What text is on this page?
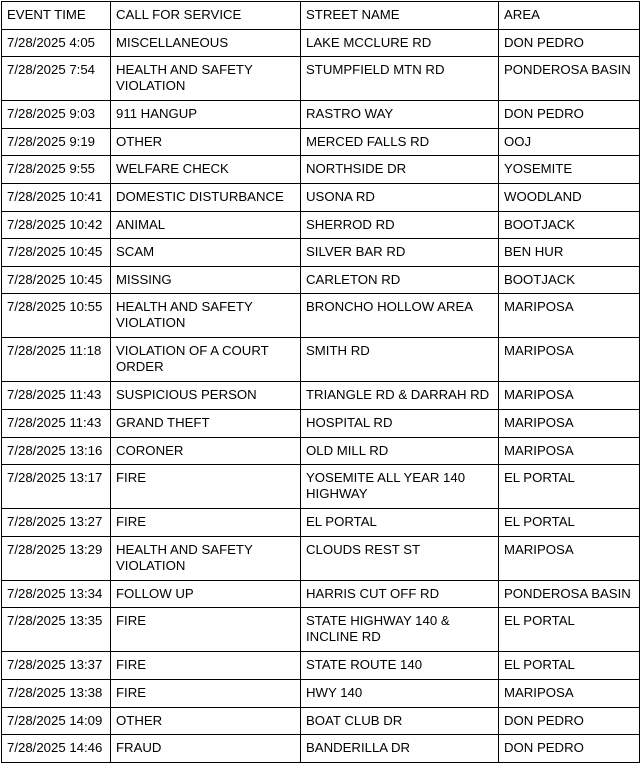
EVENT TIME	CALL FOR SERVICE	STREET NAME	AREA
7/28/2025 4:05	MISCELLANEOUS	LAKE MCCLURE RD	DON PEDRO
7/28/2025 7:54	HEALTH AND SAFETY VIOLATION	STUMPFIELD MTN RD	PONDEROSA BASIN
7/28/2025 9:03	911 HANGUP	RASTRO WAY	DON PEDRO
7/28/2025 9:19	OTHER	MERCED FALLS RD	OOJ
7/28/2025 9:55	WELFARE CHECK	NORTHSIDE DR	YOSEMITE
7/28/2025 10:41	DOMESTIC DISTURBANCE	USONA RD	WOODLAND
7/28/2025 10:42	ANIMAL	SHERROD RD	BOOTJACK
7/28/2025 10:45	SCAM	SILVER BAR RD	BEN HUR
7/28/2025 10:45	MISSING	CARLETON RD	BOOTJACK
7/28/2025 10:55	HEALTH AND SAFETY VIOLATION	BRONCHO HOLLOW AREA	MARIPOSA
7/28/2025 11:18	VIOLATION OF A COURT ORDER	SMITH RD	MARIPOSA
7/28/2025 11:43	SUSPICIOUS PERSON	TRIANGLE RD & DARRAH RD	MARIPOSA
7/28/2025 11:43	GRAND THEFT	HOSPITAL RD	MARIPOSA
7/28/2025 13:16	CORONER	OLD MILL RD	MARIPOSA
7/28/2025 13:17	FIRE	YOSEMITE ALL YEAR 140 HIGHWAY	EL PORTAL
7/28/2025 13:27	FIRE	EL PORTAL	EL PORTAL
7/28/2025 13:29	HEALTH AND SAFETY VIOLATION	CLOUDS REST ST	MARIPOSA
7/28/2025 13:34	FOLLOW UP	HARRIS CUT OFF RD	PONDEROSA BASIN
7/28/2025 13:35	FIRE	STATE HIGHWAY 140 & INCLINE RD	EL PORTAL
7/28/2025 13:37	FIRE	STATE ROUTE 140	EL PORTAL
7/28/2025 13:38	FIRE	HWY 140	MARIPOSA
7/28/2025 14:09	OTHER	BOAT CLUB DR	DON PEDRO
7/28/2025 14:46	FRAUD	BANDERILLA DR	DON PEDRO
